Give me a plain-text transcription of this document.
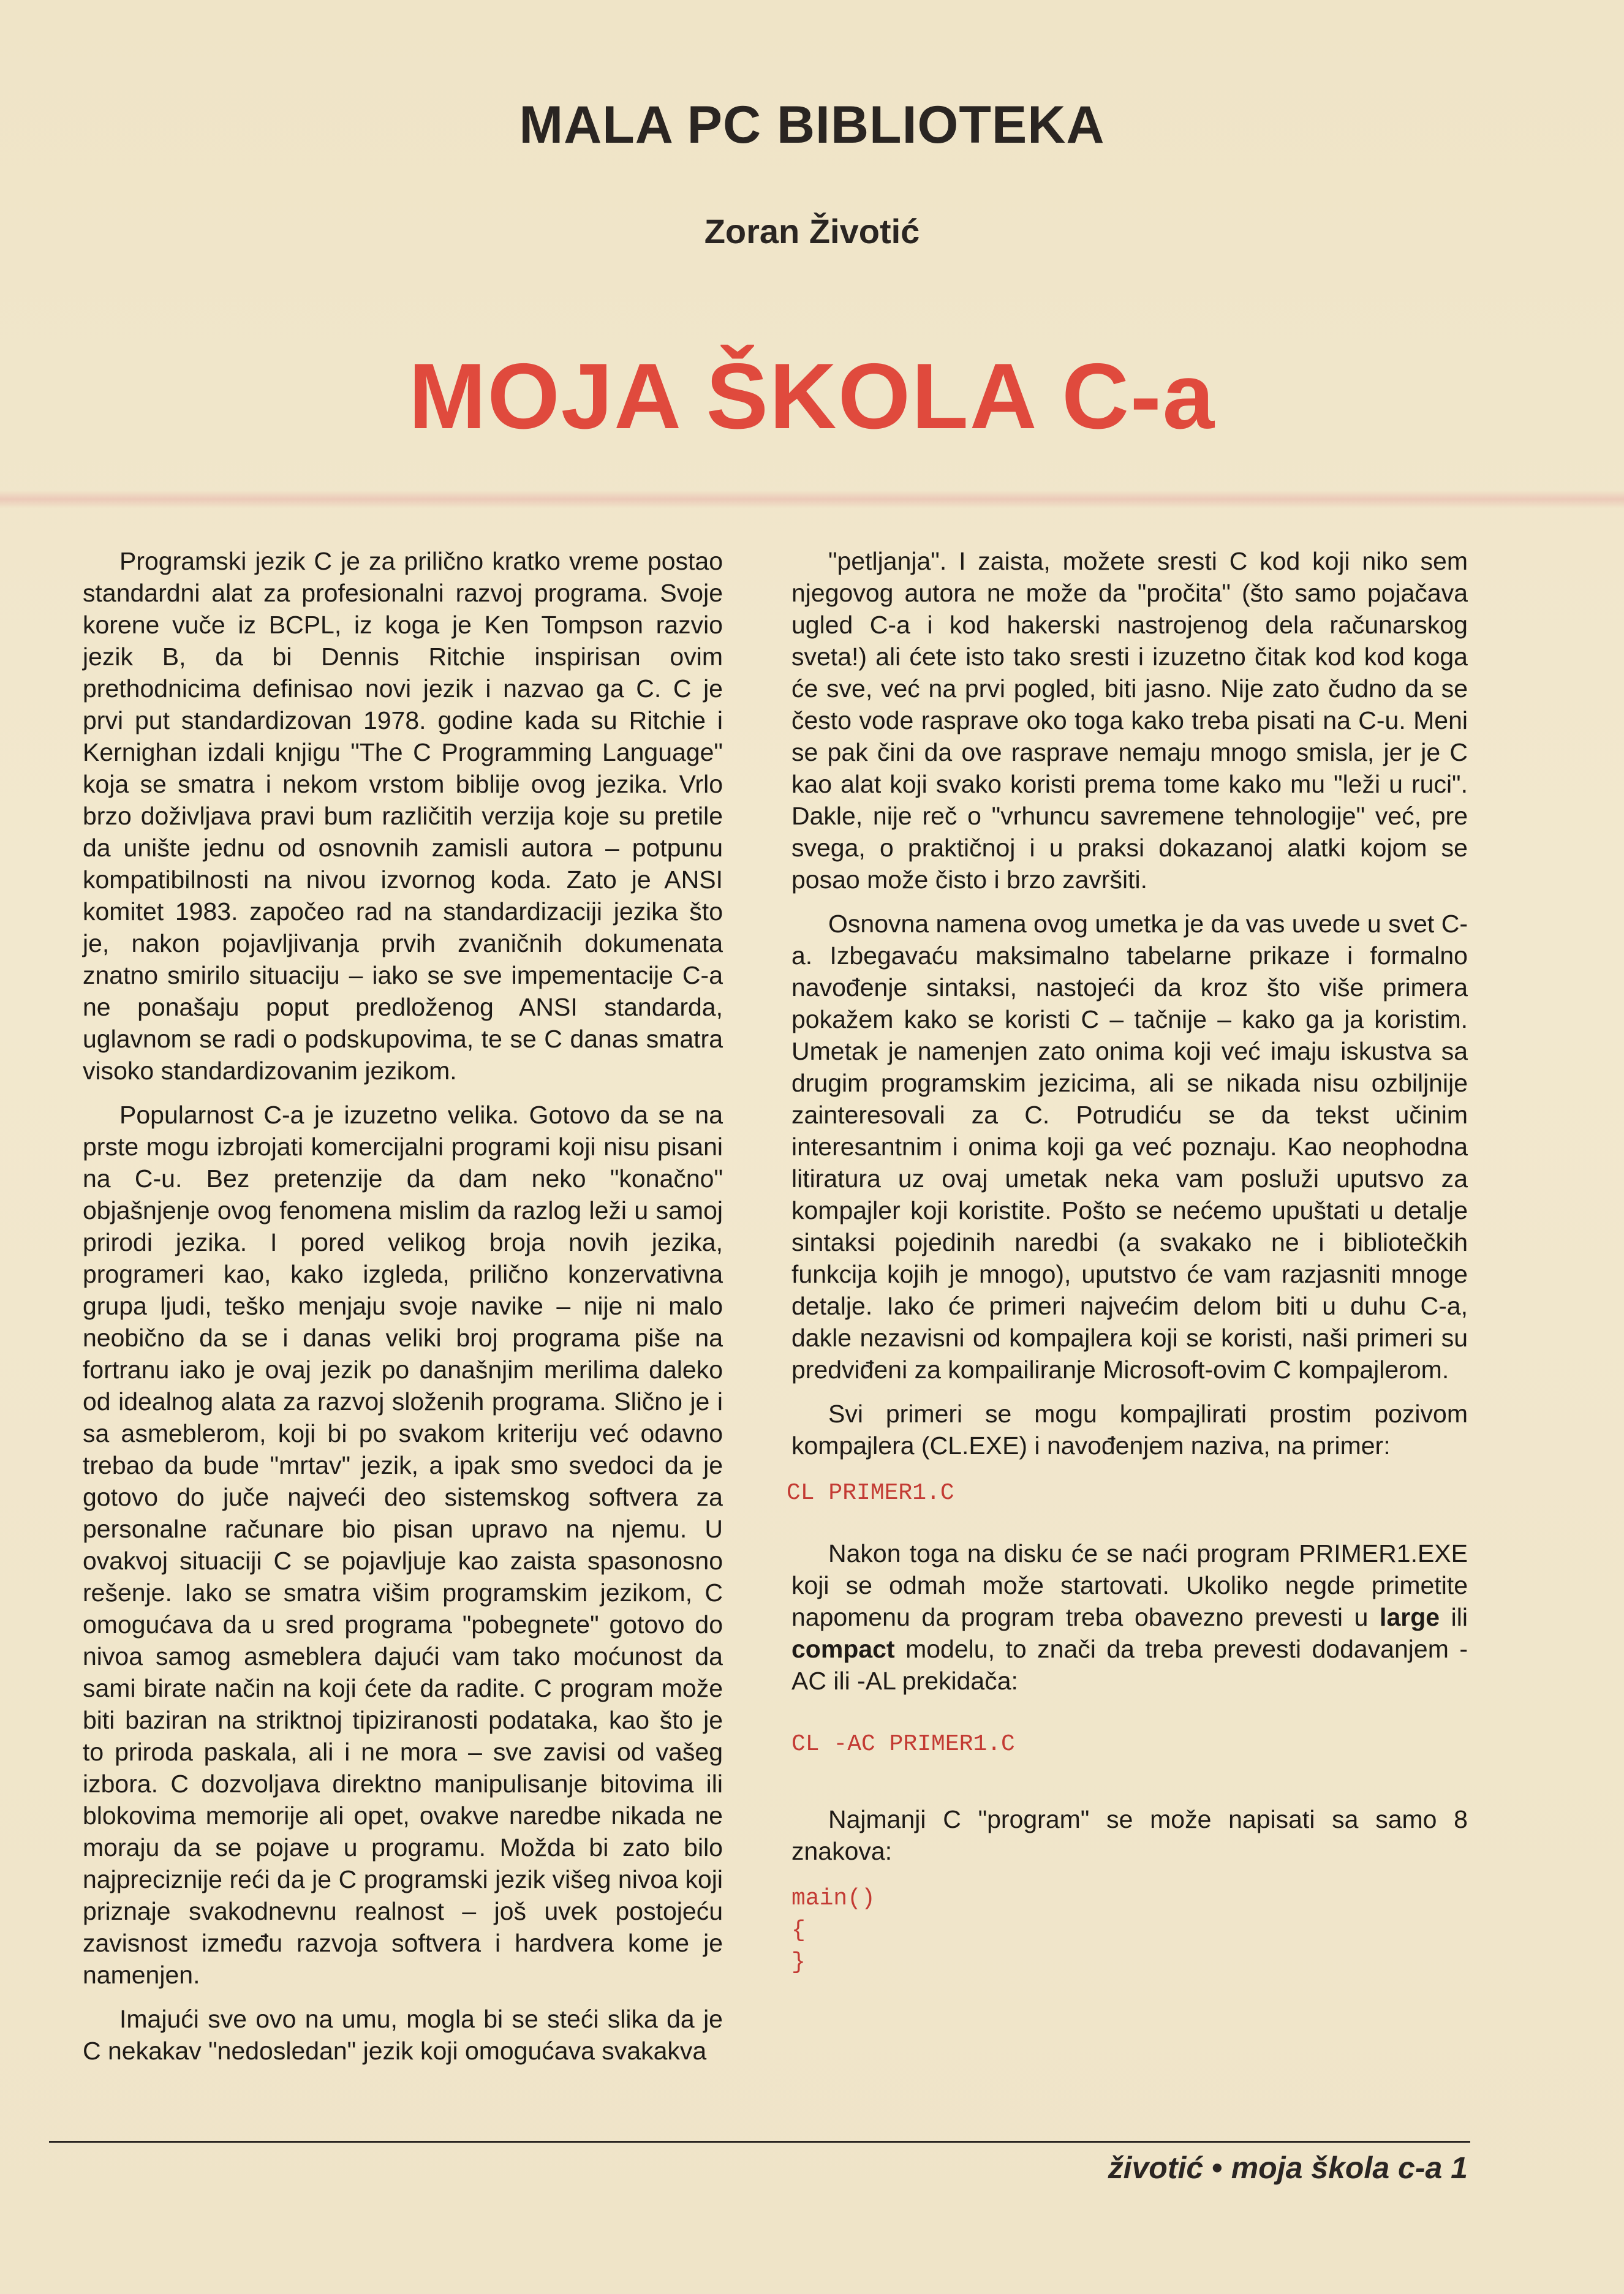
MALA PC BIBLIOTEKA
Zoran Životić
MOJA ŠKOLA C-a

Programski jezik C je za prilično kratko vreme postao standardni alat za profesionalni razvoj programa. Svoje korene vuče iz BCPL, iz koga je Ken Tompson razvio jezik B, da bi Dennis Ritchie inspirisan ovim prethodnicima definisao novi jezik i nazvao ga C. C je prvi put standardizovan 1978. godine kada su Ritchie i Kernighan izdali knjigu "The C Programming Language" koja se smatra i nekom vrstom biblije ovog jezika. Vrlo brzo doživljava pravi bum različitih verzija koje su pretile da unište jednu od osnovnih zamisli autora – potpunu kompatibilnosti na nivou izvornog koda. Zato je ANSI komitet 1983. započeo rad na standardizaciji jezika što je, nakon pojavljivanja prvih zvaničnih dokumenata znatno smirilo situaciju – iako se sve impementacije C-a ne ponašaju poput predloženog ANSI standarda, uglavnom se radi o podskupovima, te se C danas smatra visoko standardizovanim jezikom.

Popularnost C-a je izuzetno velika. Gotovo da se na prste mogu izbrojati komercijalni programi koji nisu pisani na C-u. Bez pretenzije da dam neko "konačno" objašnjenje ovog fenomena mislim da razlog leži u samoj prirodi jezika. I pored velikog broja novih jezika, programeri kao, kako izgleda, prilično konzervativna grupa ljudi, teško menjaju svoje navike – nije ni malo neobično da se i danas veliki broj programa piše na fortranu iako je ovaj jezik po današnjim merilima daleko od idealnog alata za razvoj složenih programa. Slično je i sa asmeblerom, koji bi po svakom kriteriju već odavno trebao da bude "mrtav" jezik, a ipak smo svedoci da je gotovo do juče najveći deo sistemskog softvera za personalne računare bio pisan upravo na njemu. U ovakvoj situaciji C se pojavljuje kao zaista spasonosno rešenje. Iako se smatra višim programskim jezikom, C omogućava da u sred programa "pobegnete" gotovo do nivoa samog asmeblera dajući vam tako moćunost da sami birate način na koji ćete da radite. C program može biti baziran na striktnoj tipiziranosti podataka, kao što je to priroda paskala, ali i ne mora – sve zavisi od vašeg izbora. C dozvoljava direktno manipulisanje bitovima ili blokovima memorije ali opet, ovakve naredbe nikada ne moraju da se pojave u programu. Možda bi zato bilo najpreciznije reći da je C programski jezik višeg nivoa koji priznaje svakodnevnu realnost – još uvek postojeću zavisnost između razvoja softvera i hardvera kome je namenjen.

Imajući sve ovo na umu, mogla bi se steći slika da je C nekakav "nedosledan" jezik koji omogućava svakakva

"petljanja". I zaista, možete sresti C kod koji niko sem njegovog autora ne može da "pročita" (što samo pojačava ugled C-a i kod hakerski nastrojenog dela računarskog sveta!) ali ćete isto tako sresti i izuzetno čitak kod kod koga će sve, već na prvi pogled, biti jasno. Nije zato čudno da se često vode rasprave oko toga kako treba pisati na C-u. Meni se pak čini da ove rasprave nemaju mnogo smisla, jer je C kao alat koji svako koristi prema tome kako mu "leži u ruci". Dakle, nije reč o "vrhuncu savremene tehnologije" već, pre svega, o praktičnoj i u praksi dokazanoj alatki kojom se posao može čisto i brzo završiti.

Osnovna namena ovog umetka je da vas uvede u svet C-a. Izbegavaću maksimalno tabelarne prikaze i formalno navođenje sintaksi, nastojeći da kroz što više primera pokažem kako se koristi C – tačnije – kako ga ja koristim. Umetak je namenjen zato onima koji već imaju iskustva sa drugim programskim jezicima, ali se nikada nisu ozbiljnije zainteresovali za C. Potrudiću se da tekst učinim interesantnim i onima koji ga već poznaju. Kao neophodna litiratura uz ovaj umetak neka vam posluži uputsvo za kompajler koji koristite. Pošto se nećemo upuštati u detalje sintaksi pojedinih naredbi (a svakako ne i bibliotečkih funkcija kojih je mnogo), uputstvo će vam razjasniti mnoge detalje. Iako će primeri najvećim delom biti u duhu C-a, dakle nezavisni od kompajlera koji se koristi, naši primeri su predviđeni za kompailiranje Microsoft-ovim C kompajlerom.

Svi primeri se mogu kompajlirati prostim pozivom kompajlera (CL.EXE) i navođenjem naziva, na primer:

CL PRIMER1.C

Nakon toga na disku će se naći program PRIMER1.EXE koji se odmah može startovati. Ukoliko negde primetite napomenu da program treba obavezno prevesti u large ili compact modelu, to znači da treba prevesti dodavanjem -AC ili -AL prekidača:

CL -AC PRIMER1.C

Najmanji C "program" se može napisati sa samo 8 znakova:

main()
{
}
životić • moja škola c-a 1
